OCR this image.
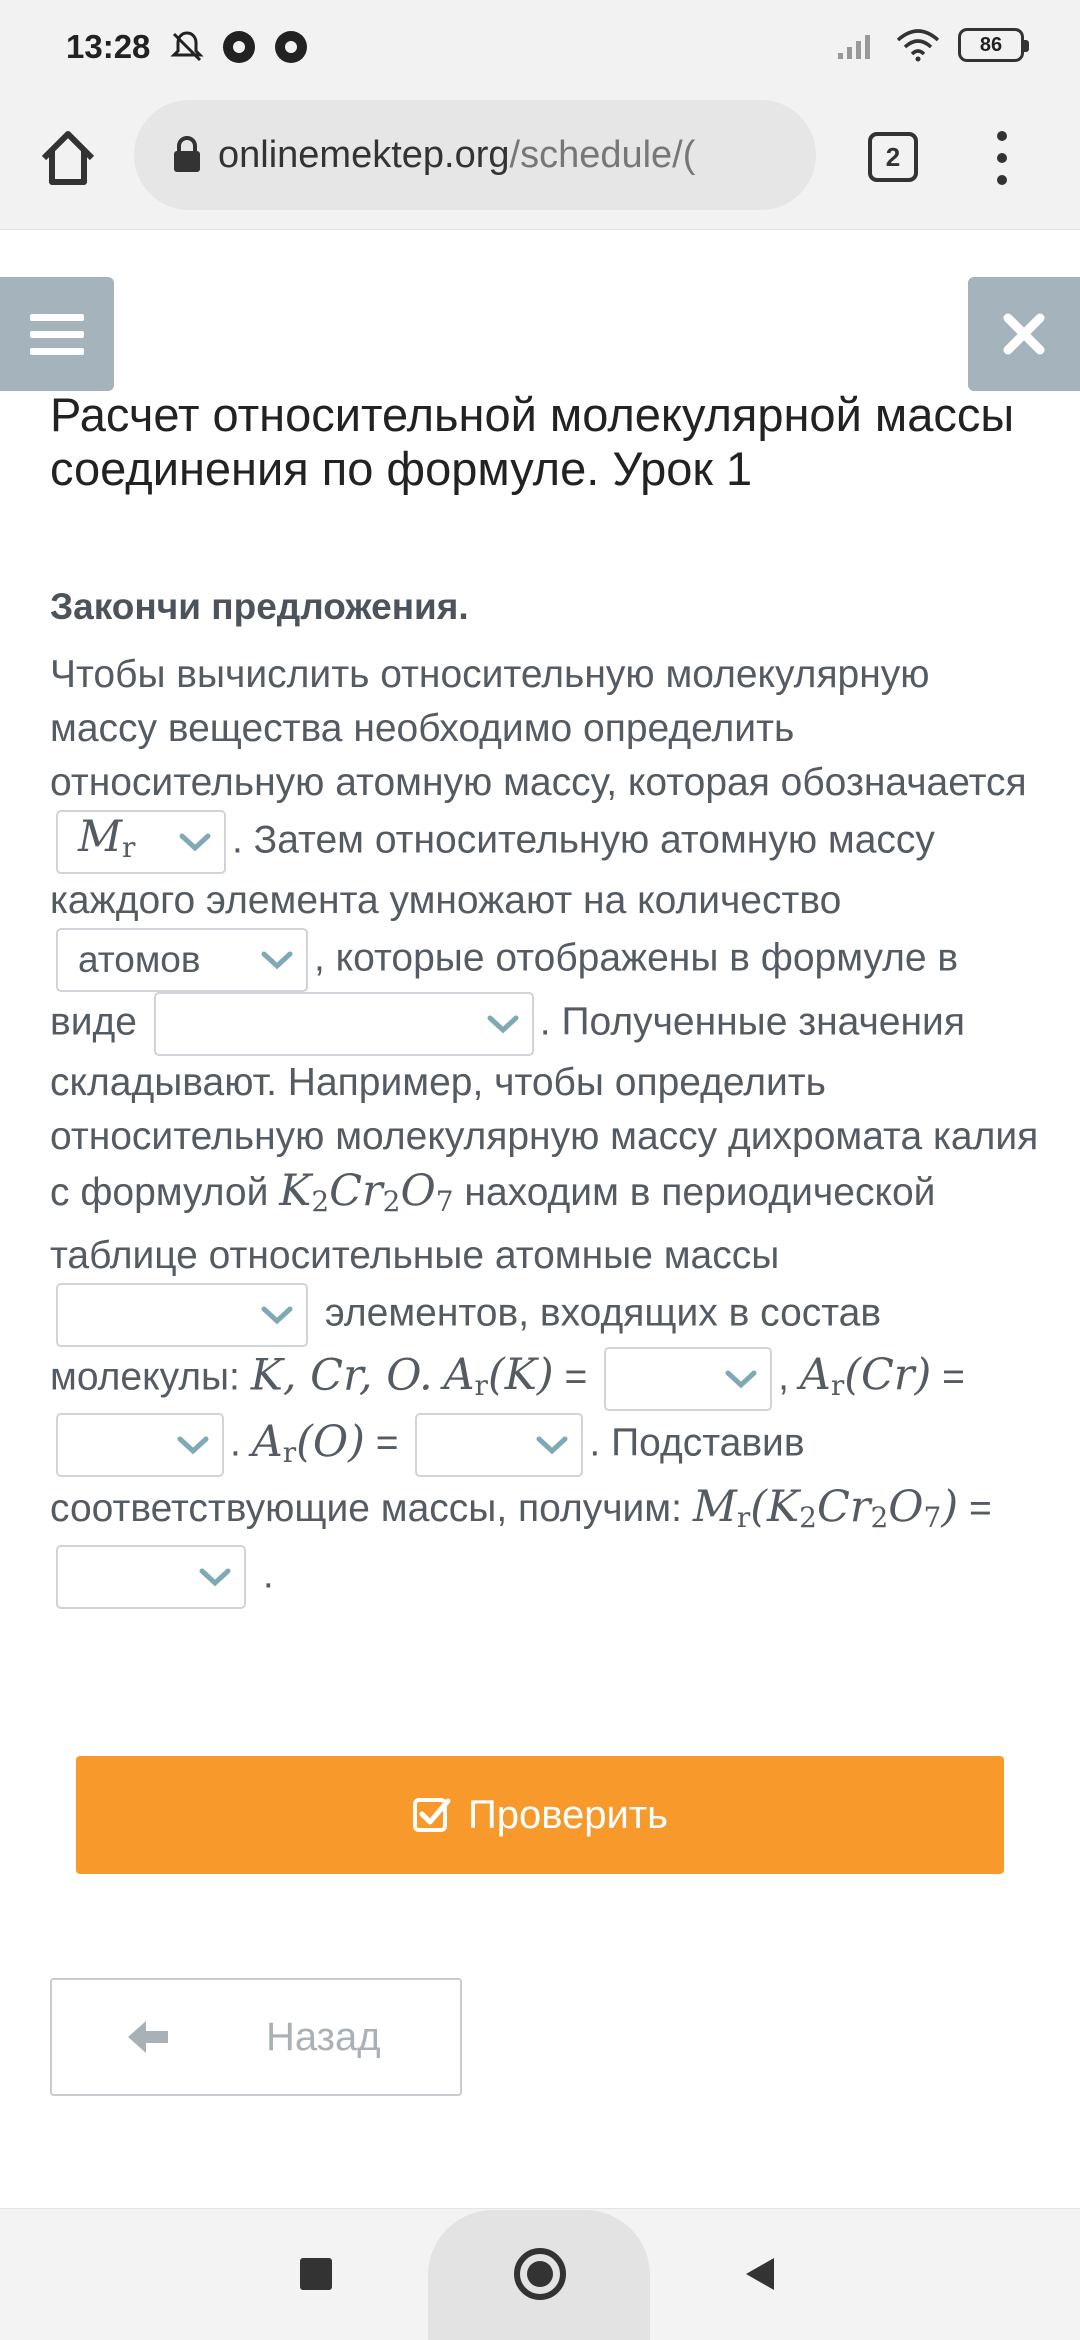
13:28	86
onlinemektep.org/schedule/(	2
Расчет относительной молекулярной массы соединения по формуле. Урок 1
Закончи предложения.
Чтобы вычислить относительную молекулярную массу вещества необходимо определить относительную атомную массу, которая обозначается
$M_r$ . Затем относительную атомную массу каждого элемента умножают на количество
атомов	, которые отображены в формуле в виде	. Полученные значения складывают. Например, чтобы определить относительную молекулярную массу дихромата калия с формулой $K_2Cr_2O_7$ находим в периодической таблице относительные атомные массы
элементов, входящих в состав молекулы: K, Cr, O. $A_r(K)$ =	, $A_r(Cr)$ =
. $A_r(O)$ =	. Подставив соответствующие массы, получим: $M_r(K_2Cr_2O_7)$ =
.
Проверить
Назад
